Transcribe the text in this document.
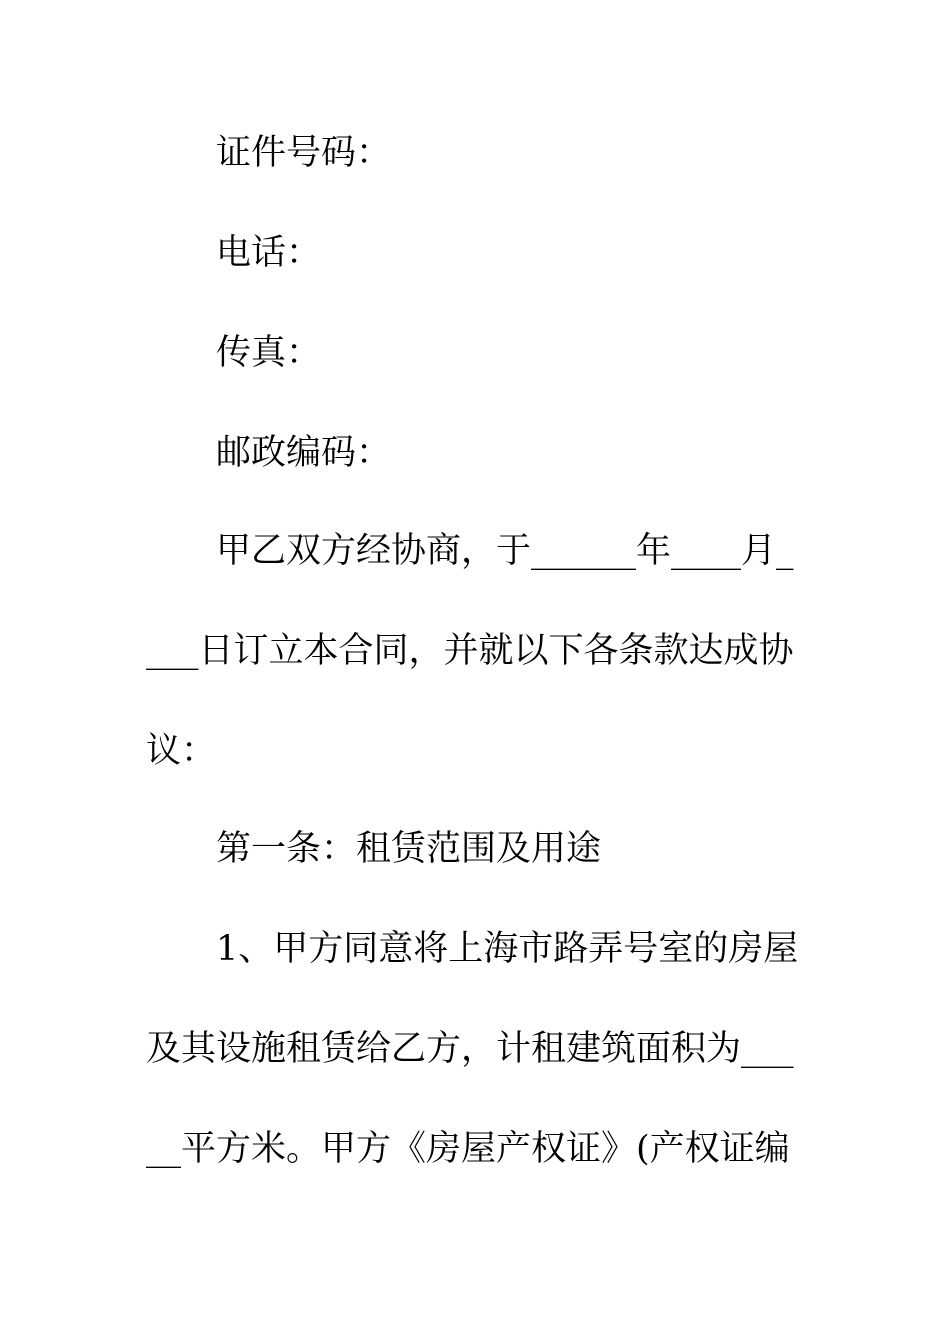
证件号码：
电话：
传真：
邮政编码：
甲乙双方经协商，于______年____月_
___日订立本合同，并就以下各条款达成协
议：
第一条：租赁范围及用途
1、甲方同意将上海市路弄号室的房屋
及其设施租赁给乙方，计租建筑面积为___
__平方米。甲方《房屋产权证》(产权证编
